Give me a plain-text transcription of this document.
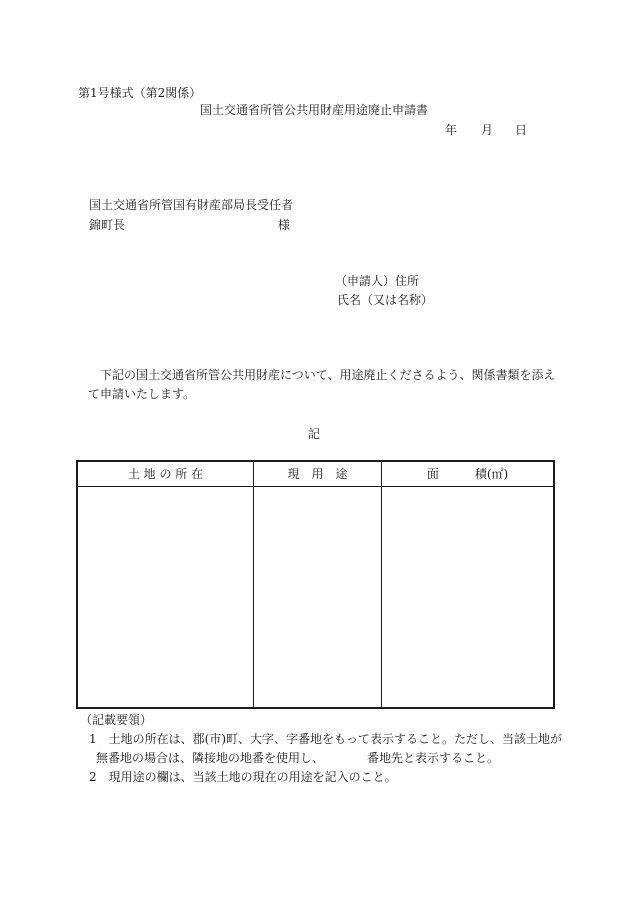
第1号様式（第2関係）
国土交通省所管公共用財産用途廃止申請書
年 月 日
国土交通省所管国有財産部局長受任者
錦町長	様
（申請人）住所
氏名（又は名称）
下記の国土交通省所管公共用財産について、用途廃止くださるよう、関係書類を添え
て申請いたします。
記
土 地 の 所 在	現　用　途	面　　　積(㎡)
（記載要領）
1　土地の所在は、郡(市)町、大字、字番地をもって表示すること。ただし、当該土地が
無番地の場合は、隣接地の地番を使用し、	番地先と表示すること。
2　現用途の欄は、当該土地の現在の用途を記入のこと。
